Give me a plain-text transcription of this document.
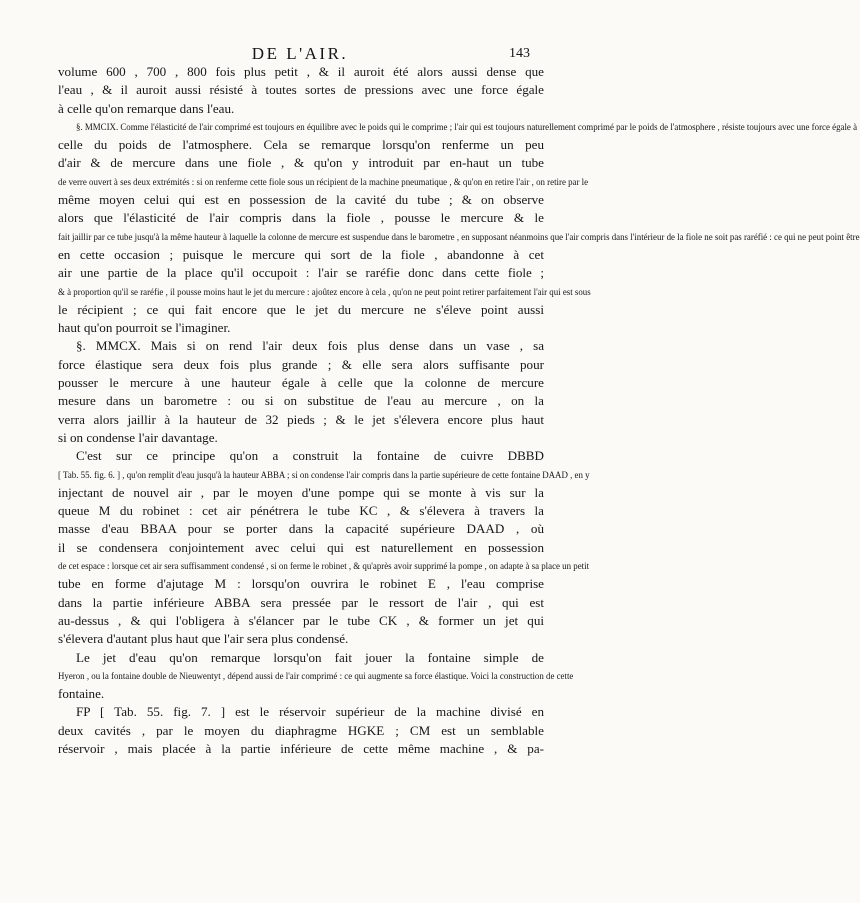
DE L'AIR.	143
volume 600 , 700 , 800 fois plus petit , & il auroit été alors aussi dense que
l'eau , & il auroit aussi résisté à toutes sortes de pressions avec une force égale
à celle qu'on remarque dans l'eau.
§. MMCIX. Comme l'élasticité de l'air comprimé est toujours en équilibre avec le poids qui le comprime ; l'air qui est toujours naturellement comprimé par le poids de l'atmosphere , résiste toujours avec une force égale à
celle du poids de l'atmosphere. Cela se remarque lorsqu'on renferme un peu
d'air & de mercure dans une fiole , & qu'on y introduit par en-haut un tube
de verre ouvert à ses deux extrémités : si on renferme cette fiole sous un récipient de la machine pneumatique , & qu'on en retire l'air , on retire par le
même moyen celui qui est en possession de la cavité du tube ; & on observe
alors que l'élasticité de l'air compris dans la fiole , pousse le mercure & le
fait jaillir par ce tube jusqu'à la même hauteur à laquelle la colonne de mercure est suspendue dans le barometre , en supposant néanmoins que l'air compris dans l'intérieur de la fiole ne soit pas raréfié : ce qui ne peut point être
en cette occasion ; puisque le mercure qui sort de la fiole , abandonne à cet
air une partie de la place qu'il occupoit : l'air se raréfie donc dans cette fiole ;
& à proportion qu'il se raréfie , il pousse moins haut le jet du mercure : ajoûtez encore à cela , qu'on ne peut point retirer parfaitement l'air qui est sous
le récipient ; ce qui fait encore que le jet du mercure ne s'éleve point aussi
haut qu'on pourroit se l'imaginer.
§. MMCX. Mais si on rend l'air deux fois plus dense dans un vase , sa
force élastique sera deux fois plus grande ; & elle sera alors suffisante pour
pousser le mercure à une hauteur égale à celle que la colonne de mercure
mesure dans un barometre : ou si on substitue de l'eau au mercure , on la
verra alors jaillir à la hauteur de 32 pieds ; & le jet s'élevera encore plus haut
si on condense l'air davantage.
C'est sur ce principe qu'on a construit la fontaine de cuivre DBBD
[ Tab. 55. fig. 6. ] , qu'on remplit d'eau jusqu'à la hauteur ABBA ; si on condense l'air compris dans la partie supérieure de cette fontaine DAAD , en y
injectant de nouvel air , par le moyen d'une pompe qui se monte à vis sur la
queue M du robinet : cet air pénétrera le tube KC , & s'élevera à travers la
masse d'eau BBAA pour se porter dans la capacité supérieure DAAD , où
il se condensera conjointement avec celui qui est naturellement en possession
de cet espace : lorsque cet air sera suffisamment condensé , si on ferme le robinet , & qu'après avoir supprimé la pompe , on adapte à sa place un petit
tube en forme d'ajutage M : lorsqu'on ouvrira le robinet E , l'eau comprise
dans la partie inférieure ABBA sera pressée par le ressort de l'air , qui est
au-dessus , & qui l'obligera à s'élancer par le tube CK , & former un jet qui
s'élevera d'autant plus haut que l'air sera plus condensé.
Le jet d'eau qu'on remarque lorsqu'on fait jouer la fontaine simple de
Hyeron , ou la fontaine double de Nieuwentyt , dépend aussi de l'air comprimé : ce qui augmente sa force élastique. Voici la construction de cette
fontaine.
FP [ Tab. 55. fig. 7. ] est le réservoir supérieur de la machine divisé en
deux cavités , par le moyen du diaphragme HGKE ; CM est un semblable
réservoir , mais placée à la partie inférieure de cette même machine , & pa-
